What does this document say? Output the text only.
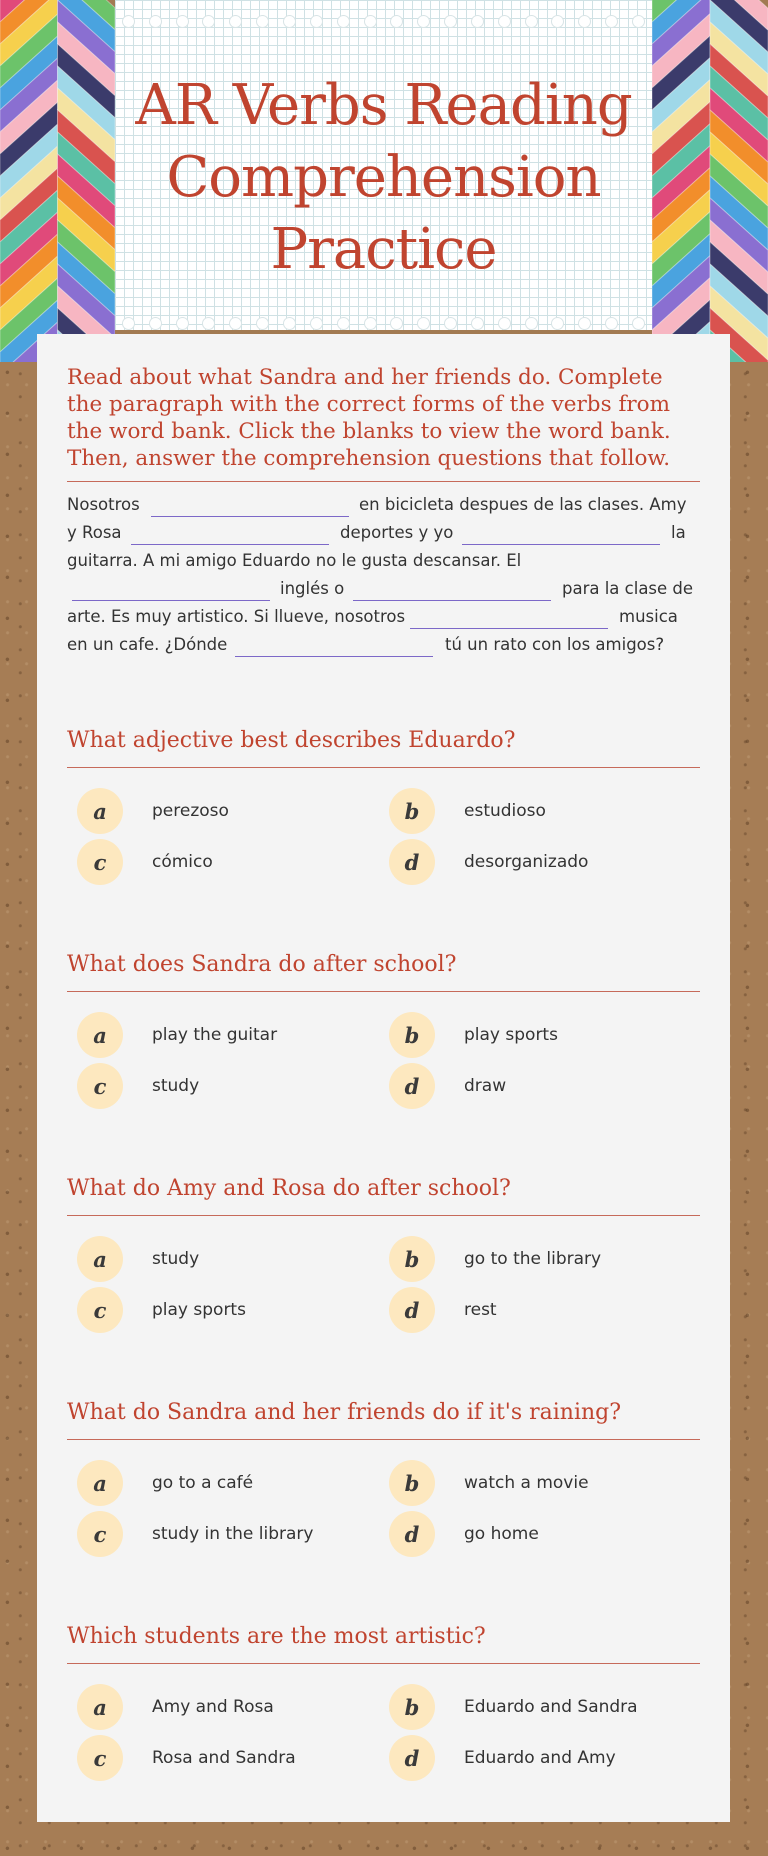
AR Verbs Reading
Comprehension
Practice

Read about what Sandra and her friends do. Complete the paragraph with the correct forms of the verbs from the word bank. Click the blanks to view the word bank. Then, answer the comprehension questions that follow.

Nosotros	en bicicleta despues de las clases. Amy
y Rosa	deportes y yo	la
guitarra. A mi amigo Eduardo no le gusta descansar. El
inglés o	para la clase de
arte. Es muy artistico. Si llueve, nosotros	musica
en un cafe. ¿Dónde	tú un rato con los amigos?
What adjective best describes Eduardo?
a	perezoso	b	estudioso
c	cómico	d	desorganizado
What does Sandra do after school?
a	play the guitar	b	play sports
c	study	d	draw
What do Amy and Rosa do after school?
a	study	b	go to the library
c	play sports	d	rest
What do Sandra and her friends do if it's raining?
a	go to a café	b	watch a movie
c	study in the library	d	go home
Which students are the most artistic?
a	Amy and Rosa	b	Eduardo and Sandra
c	Rosa and Sandra	d	Eduardo and Amy
